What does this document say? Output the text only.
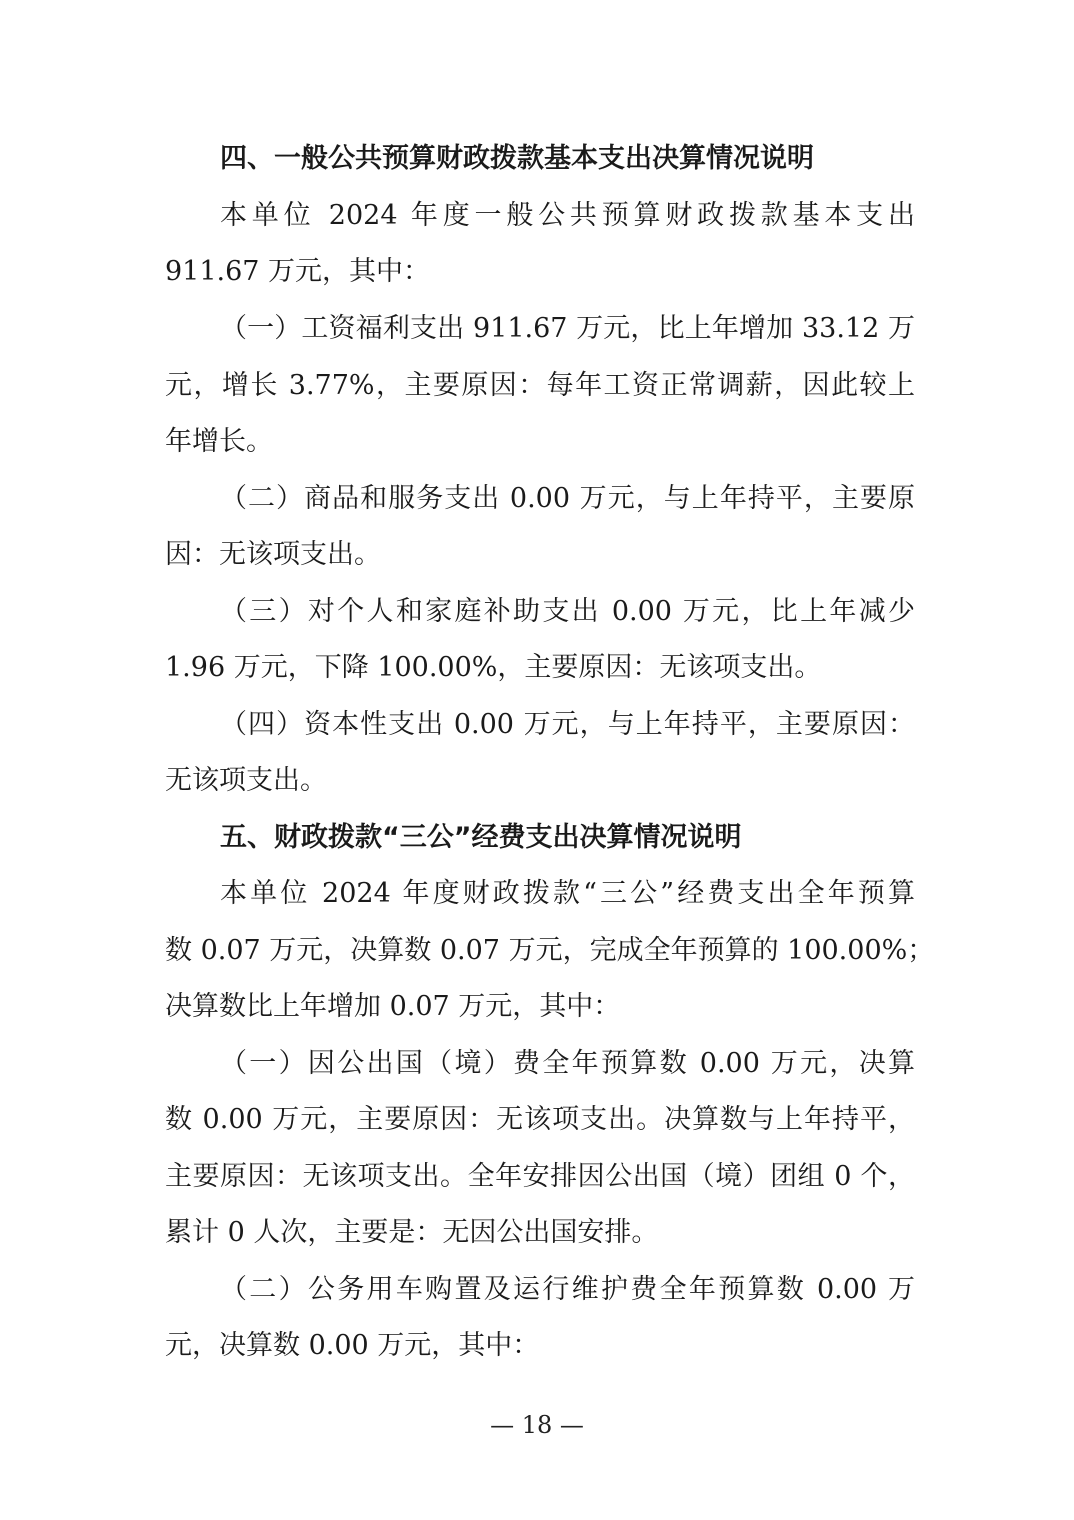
四、一般公共预算财政拨款基本支出决算情况说明
本单位 2024 年度一般公共预算财政拨款基本支出
911.67 万元，其中：
（一）工资福利支出 911.67 万元，比上年增加 33.12 万
元，增长 3.77%，主要原因：每年工资正常调薪，因此较上
年增长。
（二）商品和服务支出 0.00 万元，与上年持平，主要原
因：无该项支出。
（三）对个人和家庭补助支出 0.00 万元，比上年减少
1.96 万元，下降 100.00%，主要原因：无该项支出。
（四）资本性支出 0.00 万元，与上年持平，主要原因：
无该项支出。
五、财政拨款“三公”经费支出决算情况说明
本单位 2024 年度财政拨款“三公”经费支出全年预算
数 0.07 万元，决算数 0.07 万元，完成全年预算的 100.00%；
决算数比上年增加 0.07 万元，其中：
（一）因公出国（境）费全年预算数 0.00 万元，决算
数 0.00 万元，主要原因：无该项支出。决算数与上年持平，
主要原因：无该项支出。全年安排因公出国（境）团组 0 个，
累计 0 人次，主要是：无因公出国安排。
（二）公务用车购置及运行维护费全年预算数 0.00 万
元，决算数 0.00 万元，其中：
— 18 —
